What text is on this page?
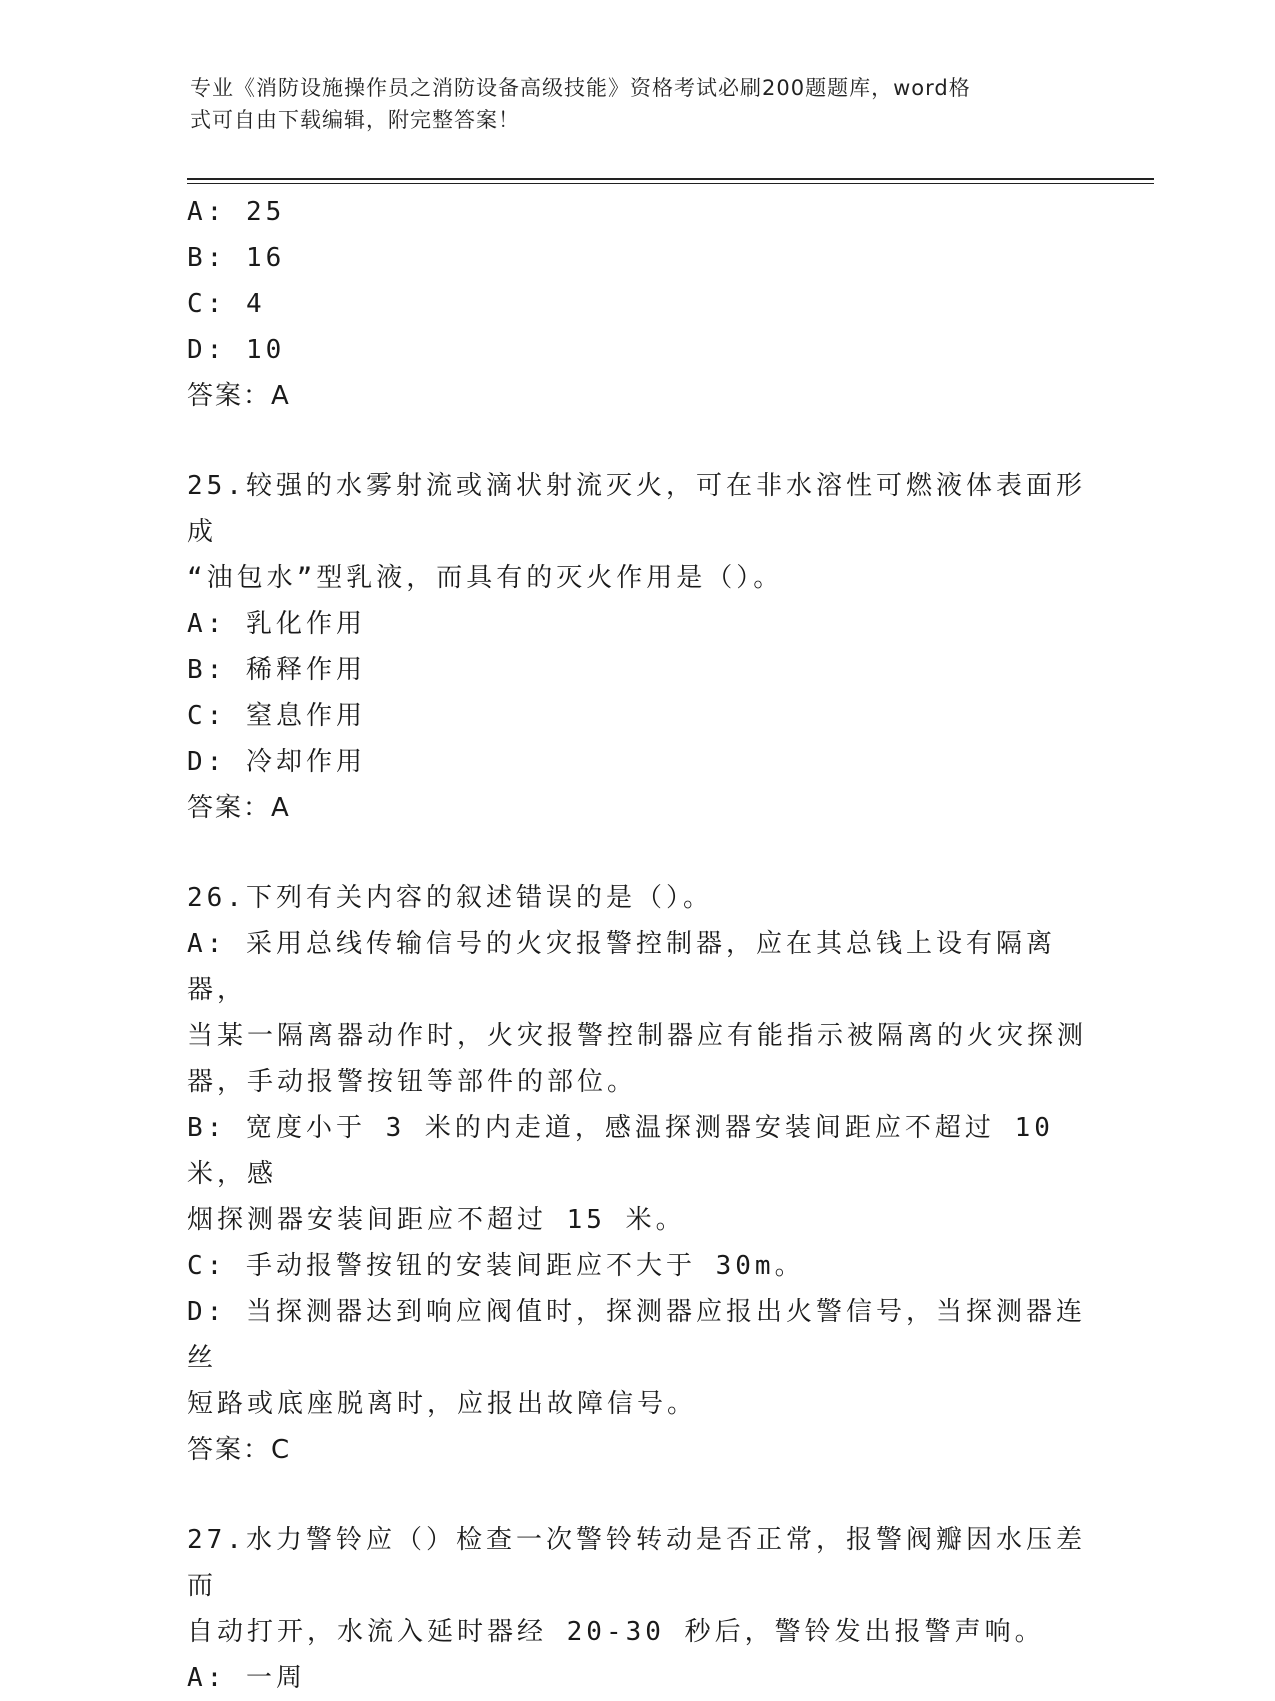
专业《消防设施操作员之消防设备高级技能》资格考试必刷200题题库，word格
式可自由下载编辑，附完整答案！
A: 25
B: 16
C: 4
D: 10
答案：A
25.较强的水雾射流或滴状射流灭火，可在非水溶性可燃液体表面形成
“油包水”型乳液，而具有的灭火作用是（）。
A: 乳化作用
B: 稀释作用
C: 窒息作用
D: 冷却作用
答案：A
26.下列有关内容的叙述错误的是（）。
A: 采用总线传输信号的火灾报警控制器，应在其总钱上设有隔离器，
当某一隔离器动作时，火灾报警控制器应有能指示被隔离的火灾探测
器，手动报警按钮等部件的部位。
B: 宽度小于 3 米的内走道，感温探测器安装间距应不超过 10 米，感
烟探测器安装间距应不超过 15 米。
C: 手动报警按钮的安装间距应不大于 30m。
D: 当探测器达到响应阀值时，探测器应报出火警信号，当探测器连丝
短路或底座脱离时，应报出故障信号。
答案：C
27.水力警铃应（）检查一次警铃转动是否正常，报警阀瓣因水压差而
自动打开，水流入延时器经 20-30 秒后，警铃发出报警声响。
A: 一周
